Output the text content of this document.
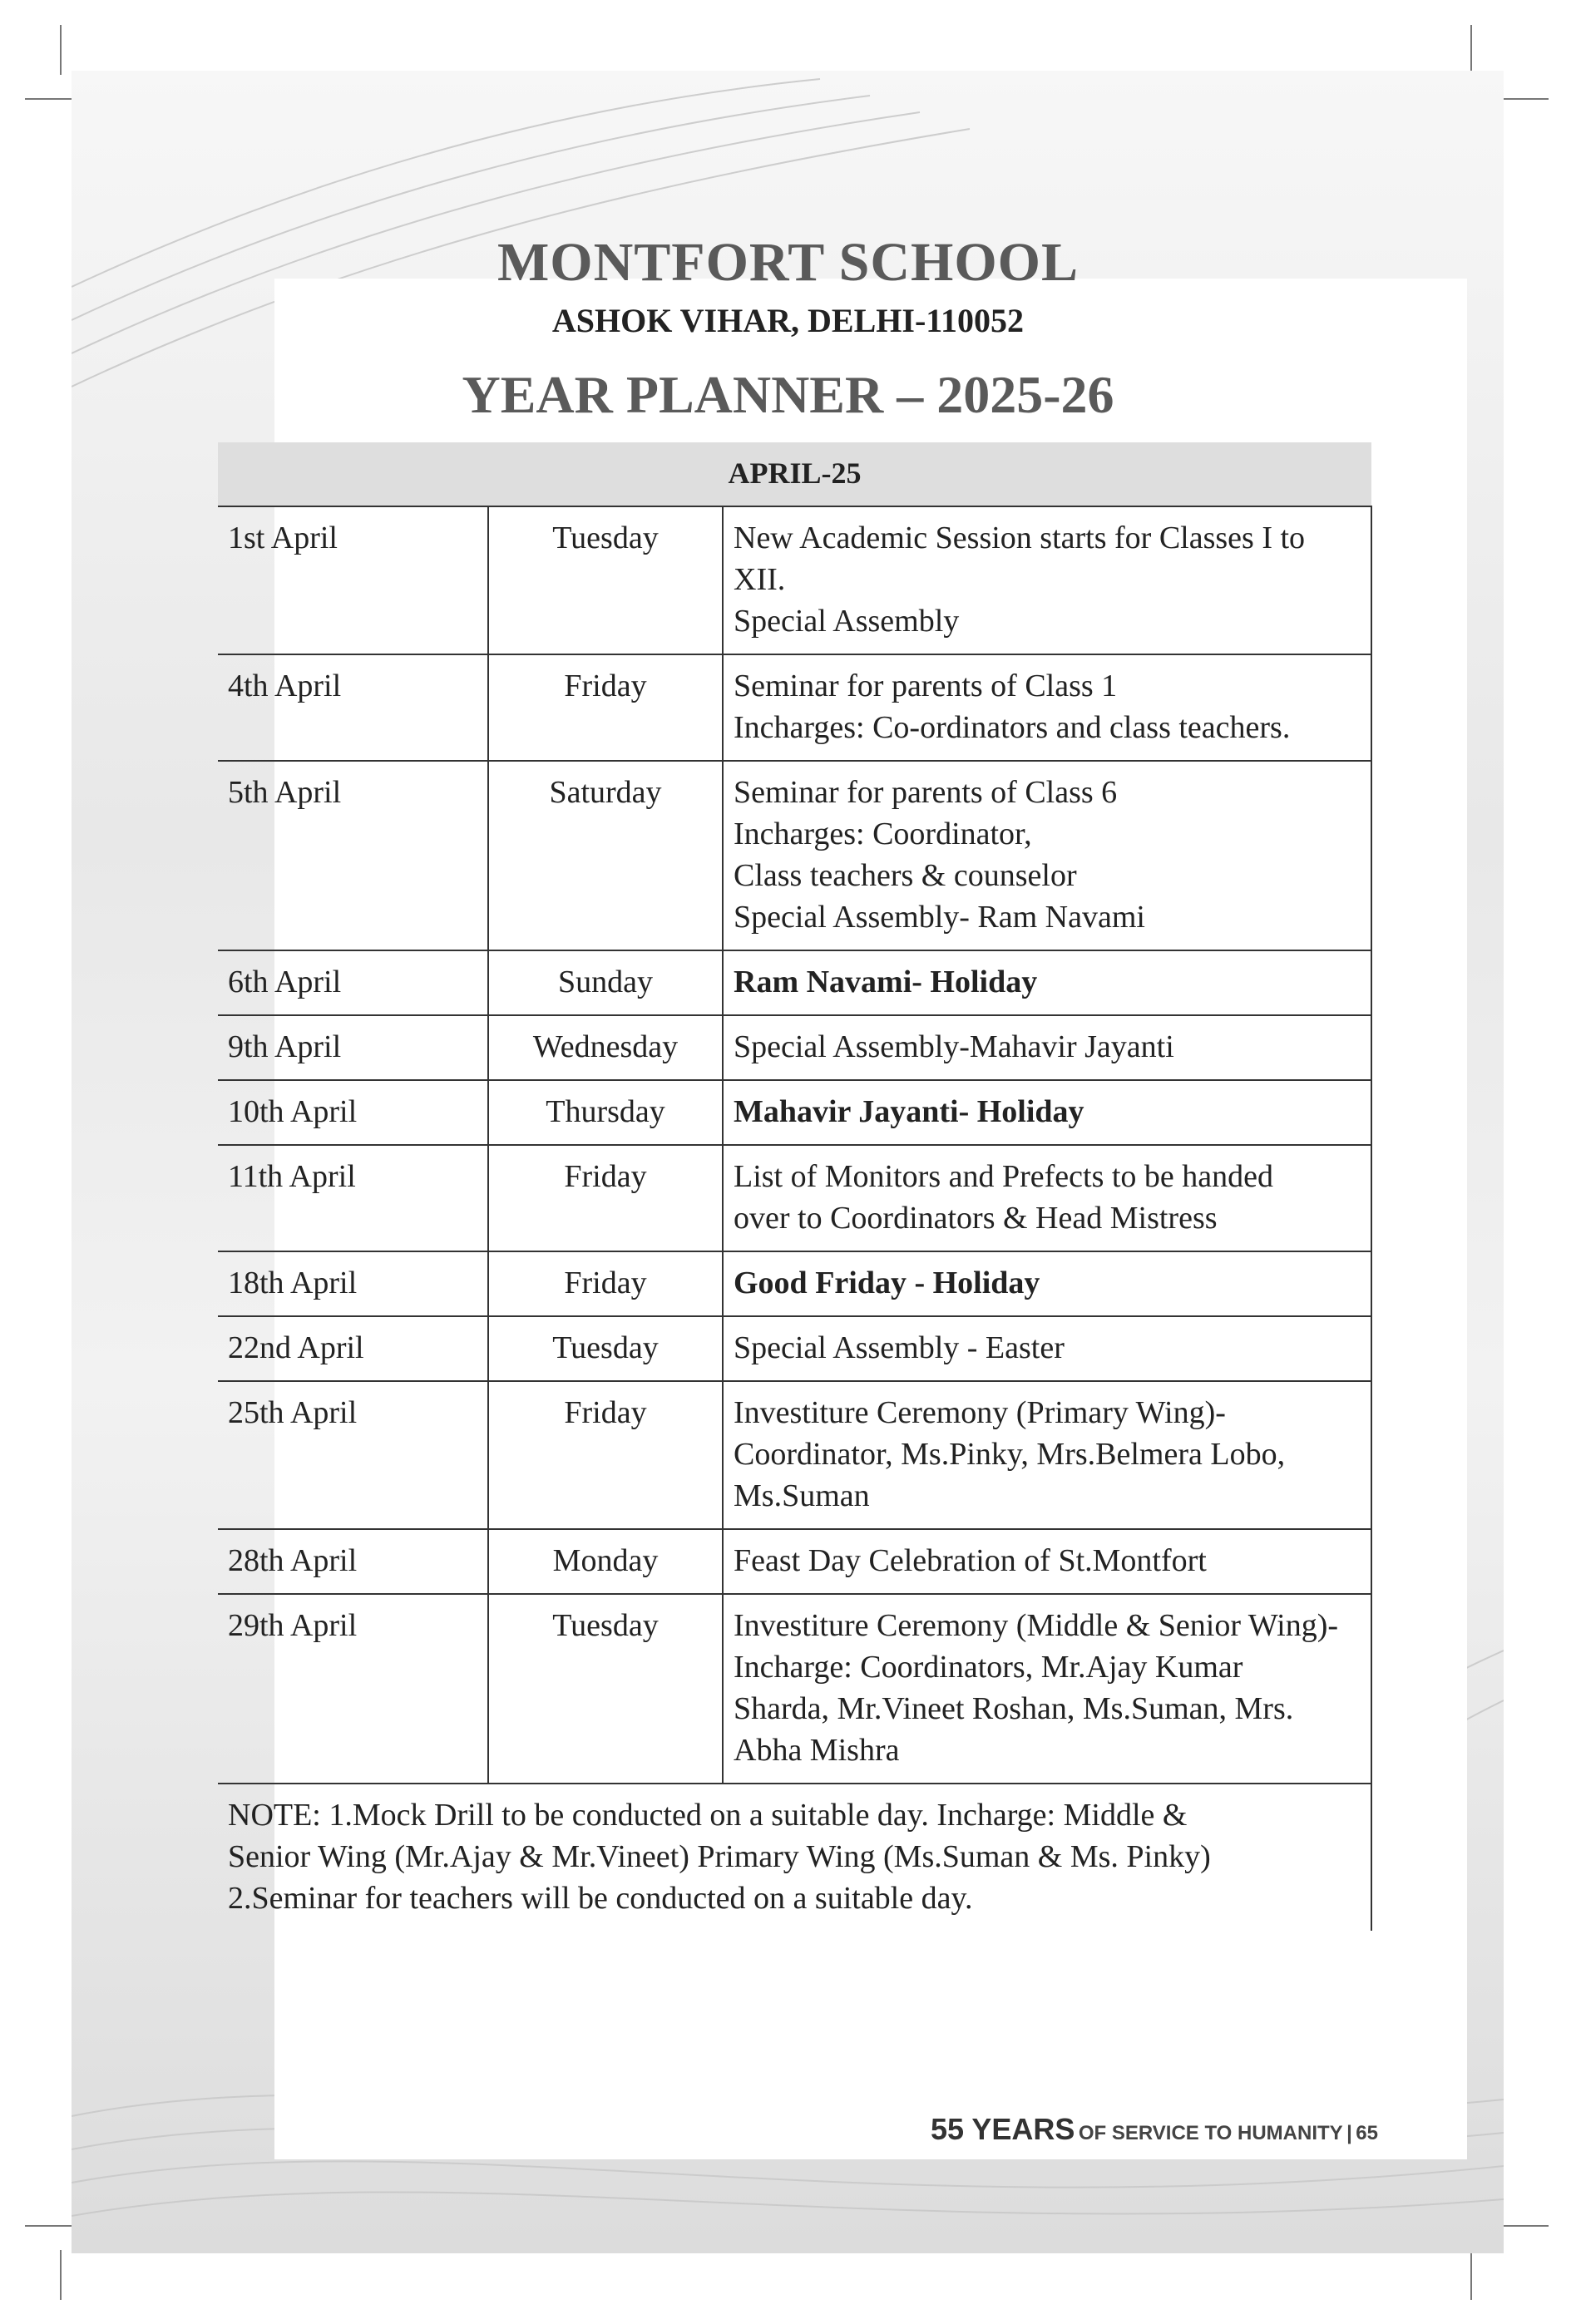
MONTFORT SCHOOL
ASHOK VIHAR, DELHI-110052
YEAR PLANNER – 2025-26
APRIL-25		
1st April	Tuesday	New Academic Session starts for Classes I to
XII.
Special Assembly

4th April	Friday	Seminar for parents of Class 1
Incharges: Co-ordinators and class teachers.

5th April	Saturday	Seminar for parents of Class 6
Incharges: Coordinator,
Class teachers & counselor
Special Assembly- Ram Navami

6th April	Sunday	Ram Navami- Holiday

9th April	Wednesday	Special Assembly-Mahavir Jayanti

10th April	Thursday	Mahavir Jayanti- Holiday

11th April	Friday	List of Monitors and Prefects to be handed
over to Coordinators & Head Mistress

18th April	Friday	Good Friday - Holiday

22nd April	Tuesday	Special Assembly - Easter

25th April	Friday	Investiture Ceremony (Primary Wing)-
Coordinator, Ms.Pinky, Mrs.Belmera Lobo,
Ms.Suman

28th April	Monday	Feast Day Celebration of St.Montfort

29th April	Tuesday	Investiture Ceremony (Middle & Senior Wing)-
Incharge: Coordinators, Mr.Ajay Kumar
Sharda, Mr.Vineet Roshan, Ms.Suman, Mrs.
Abha Mishra

NOTE: 1.Mock Drill to be conducted on a suitable day. Incharge: Middle &
Senior Wing (Mr.Ajay & Mr.Vineet) Primary Wing (Ms.Suman & Ms. Pinky)
2.Seminar for teachers will be conducted on a suitable day.		
55 YEARS OF SERVICE TO HUMANITY | 65
